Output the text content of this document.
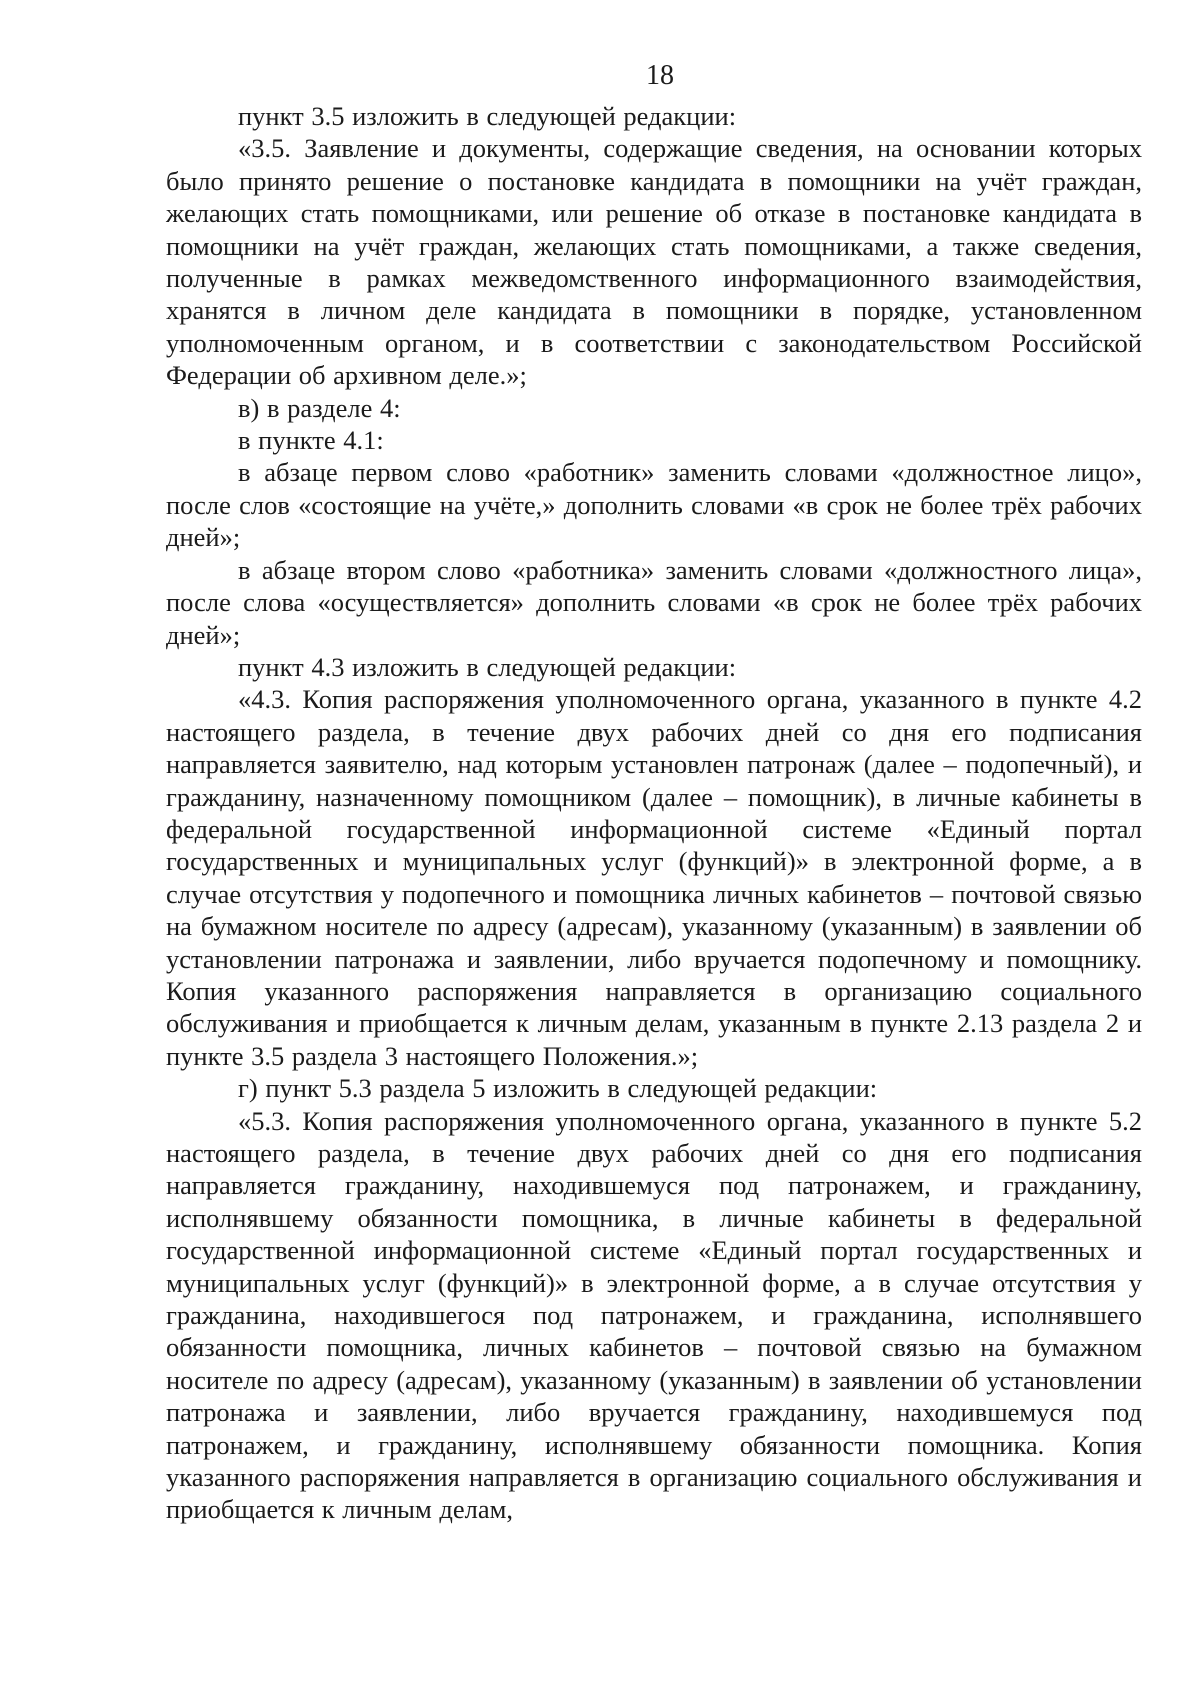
18

пункт 3.5 изложить в следующей редакции:

«3.5. Заявление и документы, содержащие сведения, на основании которых было принято решение о постановке кандидата в помощники на учёт граждан, желающих стать помощниками, или решение об отказе в постановке кандидата в помощники на учёт граждан, желающих стать помощниками, а также сведения, полученные в рамках межведомственного информационного взаимодействия, хранятся в личном деле кандидата в помощники в порядке, установленном уполномоченным органом, и в соответствии с законодательством Российской Федерации об архивном деле.»;

в) в разделе 4:

в пункте 4.1:

в абзаце первом слово «работник» заменить словами «должностное лицо», после слов «состоящие на учёте,» дополнить словами «в срок не более трёх рабочих дней»;

в абзаце втором слово «работника» заменить словами «должностного лица», после слова «осуществляется» дополнить словами «в срок не более трёх рабочих дней»;

пункт 4.3 изложить в следующей редакции:

«4.3. Копия распоряжения уполномоченного органа, указанного в пункте 4.2 настоящего раздела, в течение двух рабочих дней со дня его подписания направляется заявителю, над которым установлен патронаж (далее – подопечный), и гражданину, назначенному помощником (далее – помощник), в личные кабинеты в федеральной государственной информационной системе «Единый портал государственных и муниципальных услуг (функций)» в электронной форме, а в случае отсутствия у подопечного и помощника личных кабинетов – почтовой связью на бумажном носителе по адресу (адресам), указанному (указанным) в заявлении об установлении патронажа и заявлении, либо вручается подопечному и помощнику. Копия указанного распоряжения направляется в организацию социального обслуживания и приобщается к личным делам, указанным в пункте 2.13 раздела 2 и пункте 3.5 раздела 3 настоящего Положения.»;

г) пункт 5.3 раздела 5 изложить в следующей редакции:

«5.3. Копия распоряжения уполномоченного органа, указанного в пункте 5.2 настоящего раздела, в течение двух рабочих дней со дня его подписания направляется гражданину, находившемуся под патронажем, и гражданину, исполнявшему обязанности помощника, в личные кабинеты в федеральной государственной информационной системе «Единый портал государственных и муниципальных услуг (функций)» в электронной форме, а в случае отсутствия у гражданина, находившегося под патронажем, и гражданина, исполнявшего обязанности помощника, личных кабинетов – почтовой связью на бумажном носителе по адресу (адресам), указанному (указанным) в заявлении об установлении патронажа и заявлении, либо вручается гражданину, находившемуся под патронажем, и гражданину, исполнявшему обязанности помощника. Копия указанного распоряжения направляется в организацию социального обслуживания и приобщается к личным делам,
